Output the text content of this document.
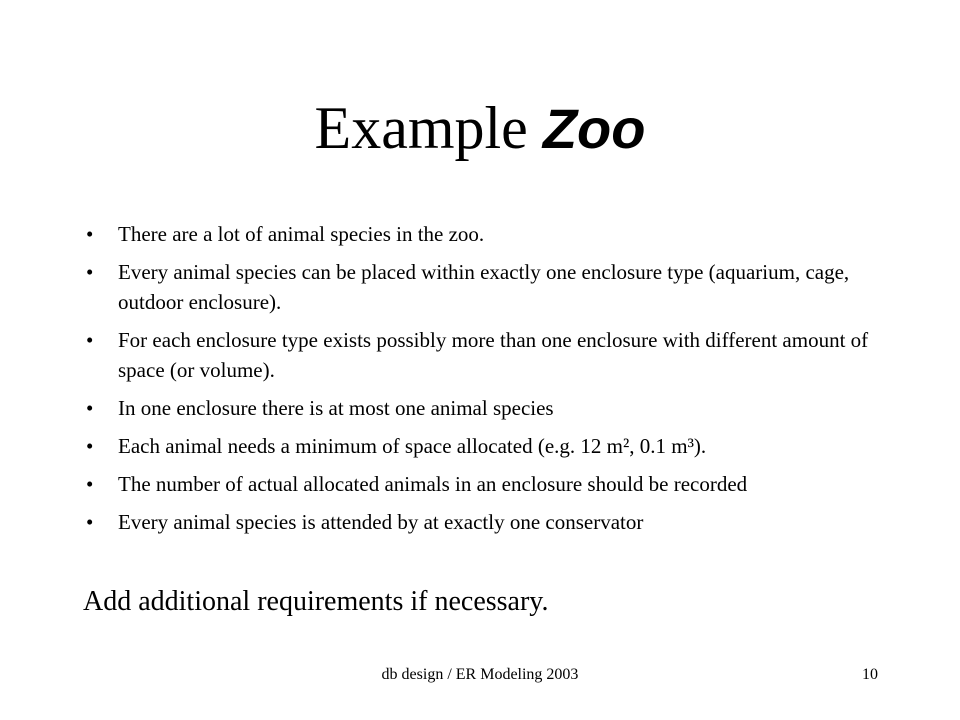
Example Zoo
• There are a lot of animal species in the zoo.
• Every animal species can be placed within exactly one enclosure type (aquarium, cage, outdoor enclosure).
• For each enclosure type exists possibly more than one enclosure with different amount of space (or volume).
• In one enclosure there is at most one animal species
• Each animal needs a minimum of space allocated (e.g. 12 m², 0.1 m³).
• The number of actual allocated animals in an enclosure should be recorded
• Every animal species is attended by at exactly one conservator
Add additional requirements if necessary.
db design / ER Modeling 2003	10
